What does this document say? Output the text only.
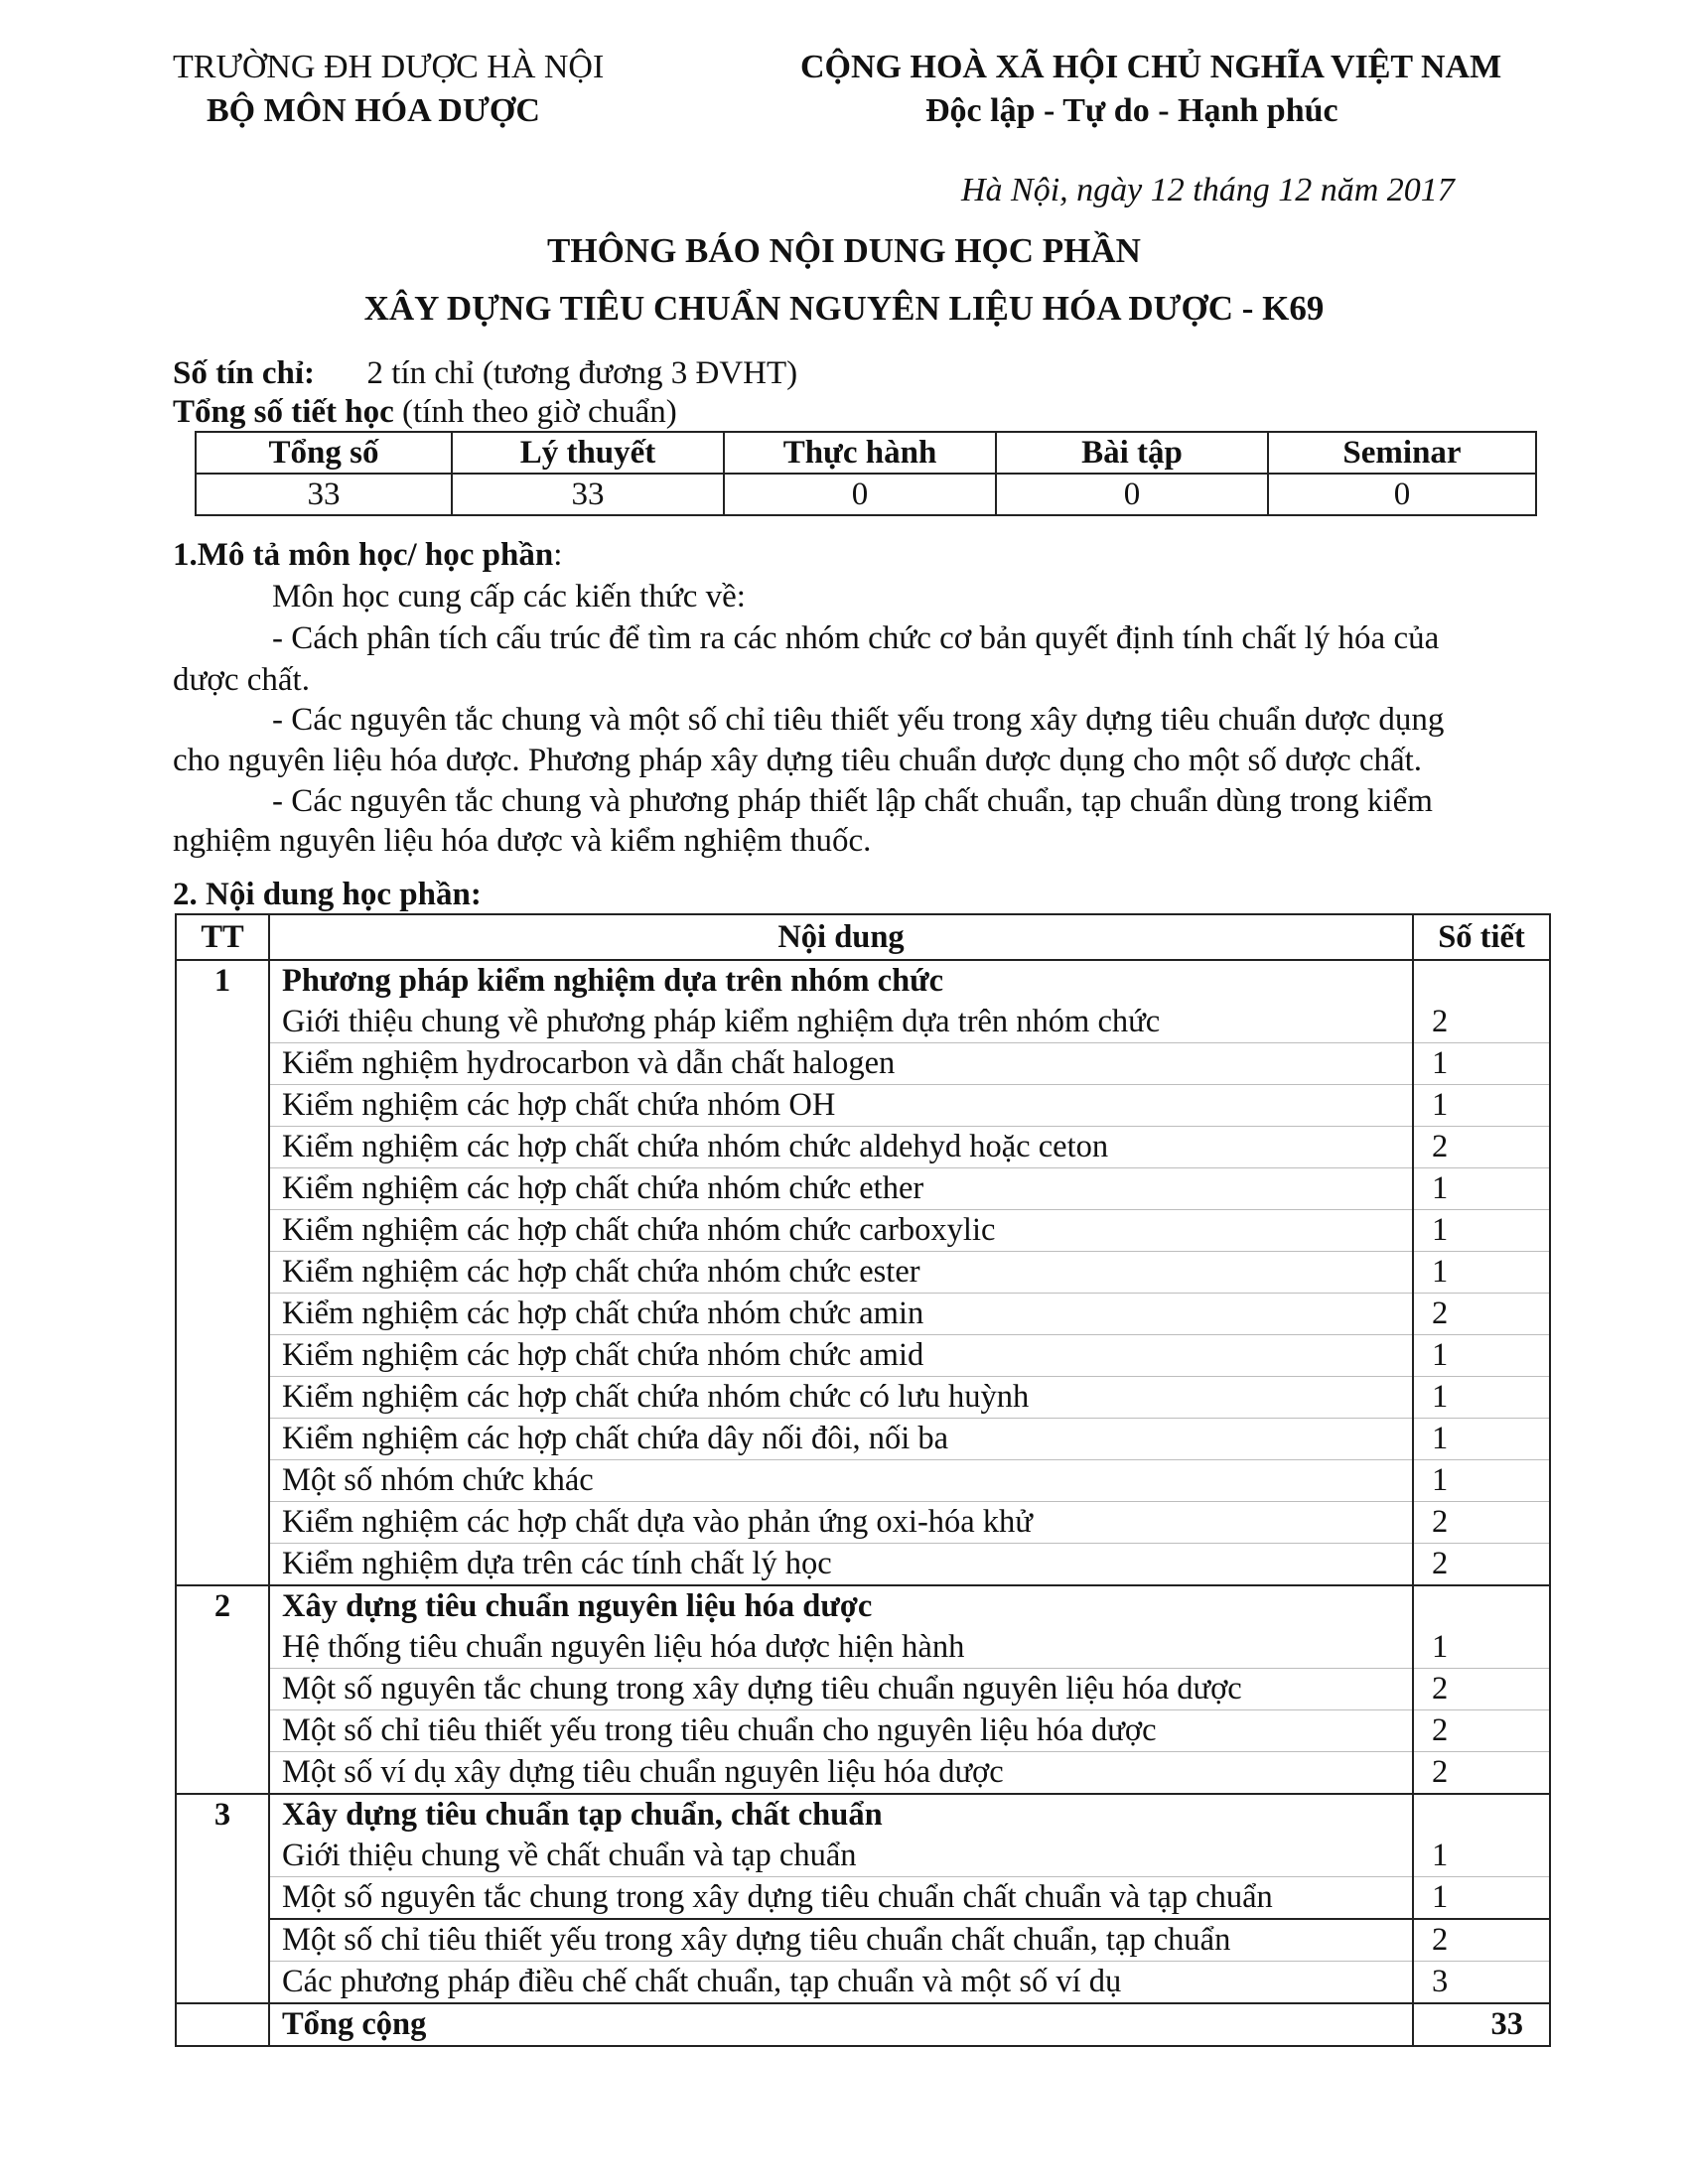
TRƯỜNG ĐH DƯỢC HÀ NỘI
BỘ MÔN HÓA DƯỢC
CỘNG HOÀ XÃ HỘI CHỦ NGHĨA VIỆT NAM
Độc lập - Tự do - Hạnh phúc
Hà Nội, ngày 12 tháng 12 năm 2017
THÔNG BÁO NỘI DUNG HỌC PHẦN
XÂY DỰNG TIÊU CHUẨN NGUYÊN LIỆU HÓA DƯỢC - K69
Số tín chỉ: 2 tín chỉ (tương đương 3 ĐVHT)
Tổng số tiết học (tính theo giờ chuẩn)
Tổng số	Lý thuyết	Thực hành	Bài tập	Seminar
33	33	0	0	0
1.Mô tả môn học/ học phần:
Môn học cung cấp các kiến thức về:
- Cách phân tích cấu trúc để tìm ra các nhóm chức cơ bản quyết định tính chất lý hóa của
dược chất.
- Các nguyên tắc chung và một số chỉ tiêu thiết yếu trong xây dựng tiêu chuẩn dược dụng
cho nguyên liệu hóa dược. Phương pháp xây dựng tiêu chuẩn dược dụng cho một số dược chất.
- Các nguyên tắc chung và phương pháp thiết lập chất chuẩn, tạp chuẩn dùng trong kiểm
nghiệm nguyên liệu hóa dược và kiểm nghiệm thuốc.
2. Nội dung học phần:
TT	Nội dung	Số tiết
1	Phương pháp kiểm nghiệm dựa trên nhóm chức	
	Giới thiệu chung về phương pháp kiểm nghiệm dựa trên nhóm chức	2
	Kiểm nghiệm hydrocarbon và dẫn chất halogen	1
	Kiểm nghiệm các hợp chất chứa nhóm OH	1
	Kiểm nghiệm các hợp chất chứa nhóm chức aldehyd hoặc ceton	2
	Kiểm nghiệm các hợp chất chứa nhóm chức ether	1
	Kiểm nghiệm các hợp chất chứa nhóm chức carboxylic	1
	Kiểm nghiệm các hợp chất chứa nhóm chức ester	1
	Kiểm nghiệm các hợp chất chứa nhóm chức amin	2
	Kiểm nghiệm các hợp chất chứa nhóm chức amid	1
	Kiểm nghiệm các hợp chất chứa nhóm chức có lưu huỳnh	1
	Kiểm nghiệm các hợp chất chứa dây nối đôi, nối ba	1
	Một số nhóm chức khác	1
	Kiểm nghiệm các hợp chất dựa vào phản ứng oxi-hóa khử	2
	Kiểm nghiệm dựa trên các tính chất lý học	2
2	Xây dựng tiêu chuẩn nguyên liệu hóa dược	
	Hệ thống tiêu chuẩn nguyên liệu hóa dược hiện hành	1
	Một số nguyên tắc chung trong xây dựng tiêu chuẩn nguyên liệu hóa dược	2
	Một số chỉ tiêu thiết yếu trong tiêu chuẩn cho nguyên liệu hóa dược	2
	Một số ví dụ xây dựng tiêu chuẩn nguyên liệu hóa dược	2
3	Xây dựng tiêu chuẩn tạp chuẩn, chất chuẩn	
	Giới thiệu chung về chất chuẩn và tạp chuẩn	1
	Một số nguyên tắc chung trong xây dựng tiêu chuẩn chất chuẩn và tạp chuẩn	1
	Một số chỉ tiêu thiết yếu trong xây dựng tiêu chuẩn chất chuẩn, tạp chuẩn	2
	Các phương pháp điều chế chất chuẩn, tạp chuẩn và một số ví dụ	3
	Tổng cộng	33
